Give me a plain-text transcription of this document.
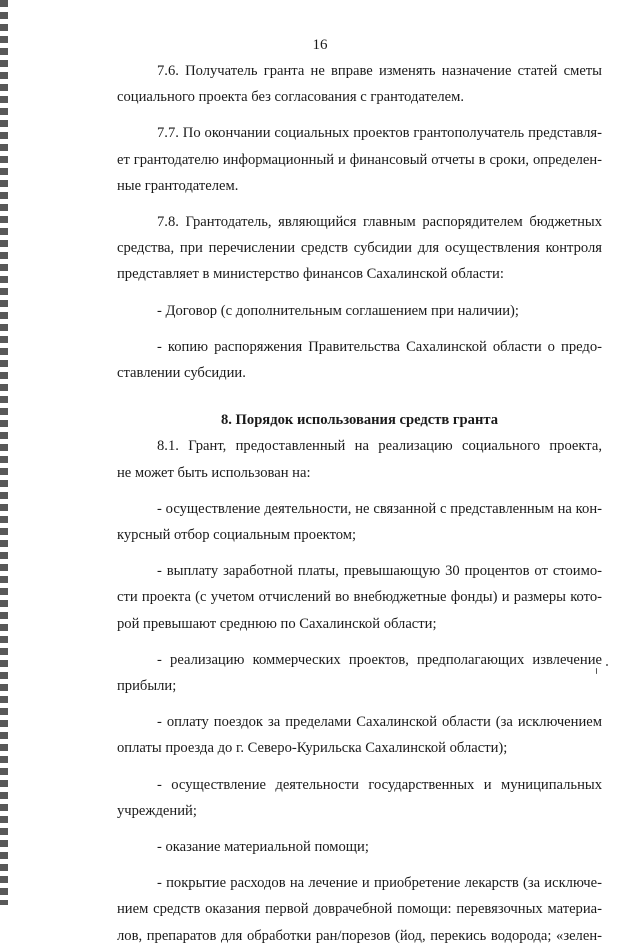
16

7.6. Получатель гранта не вправе изменять назначение статей сметы

социального проекта без согласования с грантодателем.

7.7. По окончании социальных проектов грантополучатель представля-

ет грантодателю информационный и финансовый отчеты в сроки, определен-

ные грантодателем.

7.8. Грантодатель, являющийся главным распорядителем бюджетных

средства, при перечислении средств субсидии для осуществления контроля

представляет в министерство финансов Сахалинской области:

- Договор (с дополнительным соглашением при наличии);

- копию распоряжения Правительства Сахалинской области о предо-

ставлении субсидии.

8. Порядок использования средств гранта

8.1. Грант, предоставленный на реализацию социального проекта,

не может быть использован на:

- осуществление деятельности, не связанной с представленным на кон-

курсный отбор социальным проектом;

- выплату заработной платы, превышающую 30 процентов от стоимо-

сти проекта (с учетом отчислений во внебюджетные фонды) и размеры кото-

рой превышают среднюю по Сахалинской области;

- реализацию коммерческих проектов, предполагающих извлечение

прибыли;

- оплату поездок за пределами Сахалинской области (за исключением

оплаты проезда до г. Северо-Курильска Сахалинской области);

- осуществление деятельности государственных и муниципальных

учреждений;

- оказание материальной помощи;

- покрытие расходов на лечение и приобретение лекарств (за исключе-

нием средств оказания первой доврачебной помощи: перевязочных материа-

лов, препаратов для обработки ран/порезов (йод, перекись водорода; «зелен-
